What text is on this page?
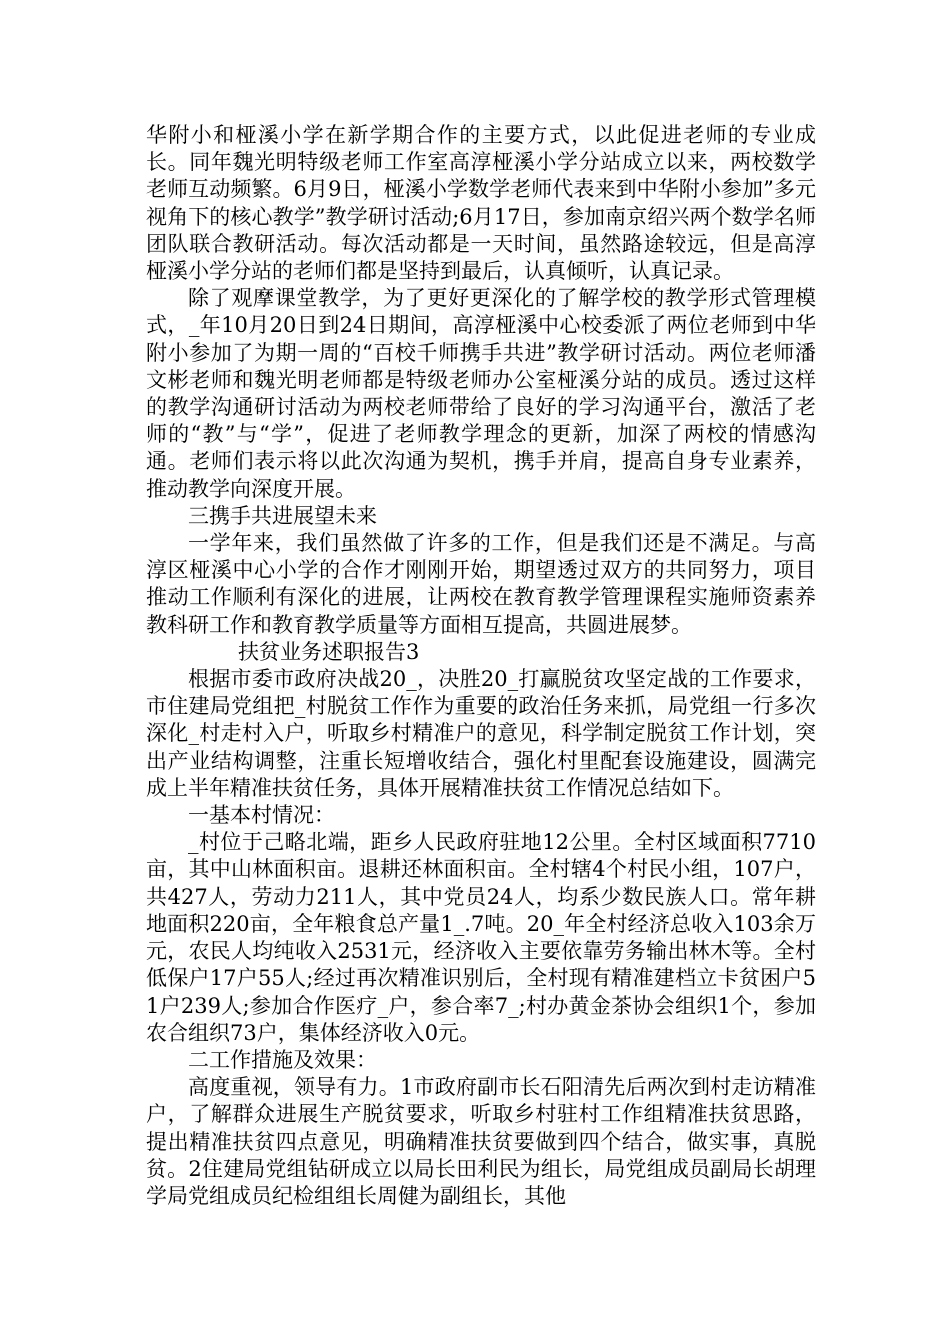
华附小和桠溪小学在新学期合作的主要方式，以此促进老师的专业成长。同年魏光明特级老师工作室高淳桠溪小学分站成立以来，两校数学老师互动频繁。6月9日，桠溪小学数学老师代表来到中华附小参加”多元视角下的核心教学”教学研讨活动;6月17日，参加南京绍兴两个数学名师团队联合教研活动。每次活动都是一天时间，虽然路途较远，但是高淳桠溪小学分站的老师们都是坚持到最后，认真倾听，认真记录。

除了观摩课堂教学，为了更好更深化的了解学校的教学形式管理模式，_年10月20日到24日期间，高淳桠溪中心校委派了两位老师到中华附小参加了为期一周的“百校千师携手共进”教学研讨活动。两位老师潘文彬老师和魏光明老师都是特级老师办公室桠溪分站的成员。透过这样的教学沟通研讨活动为两校老师带给了良好的学习沟通平台，激活了老师的“教”与“学”，促进了老师教学理念的更新，加深了两校的情感沟通。老师们表示将以此次沟通为契机，携手并肩，提高自身专业素养，推动教学向深度开展。

三携手共进展望未来

一学年来，我们虽然做了许多的工作，但是我们还是不满足。与高淳区桠溪中心小学的合作才刚刚开始，期望透过双方的共同努力，项目推动工作顺利有深化的进展，让两校在教育教学管理课程实施师资素养教科研工作和教育教学质量等方面相互提高，共圆进展梦。

扶贫业务述职报告3

根据市委市政府决战20_，决胜20_打赢脱贫攻坚定战的工作要求，市住建局党组把_村脱贫工作作为重要的政治任务来抓，局党组一行多次深化_村走村入户，听取乡村精准户的意见，科学制定脱贫工作计划，突出产业结构调整，注重长短增收结合，强化村里配套设施建设，圆满完成上半年精准扶贫任务，具体开展精准扶贫工作情况总结如下。

一基本村情况：

_村位于己略北端，距乡人民政府驻地12公里。全村区域面积7710亩，其中山林面积亩。退耕还林面积亩。全村辖4个村民小组，107户，共427人，劳动力211人，其中党员24人，均系少数民族人口。常年耕地面积220亩，全年粮食总产量1_.7吨。20_年全村经济总收入103余万元，农民人均纯收入2531元，经济收入主要依靠劳务输出林木等。全村低保户17户55人;经过再次精准识别后，全村现有精准建档立卡贫困户51户239人;参加合作医疗_户，参合率7_;村办黄金茶协会组织1个，参加农合组织73户，集体经济收入0元。

二工作措施及效果：

高度重视，领导有力。1市政府副市长石阳清先后两次到村走访精准户，了解群众进展生产脱贫要求，听取乡村驻村工作组精准扶贫思路，提出精准扶贫四点意见，明确精准扶贫要做到四个结合，做实事，真脱贫。2住建局党组钻研成立以局长田利民为组长，局党组成员副局长胡理学局党组成员纪检组组长周健为副组长，其他
